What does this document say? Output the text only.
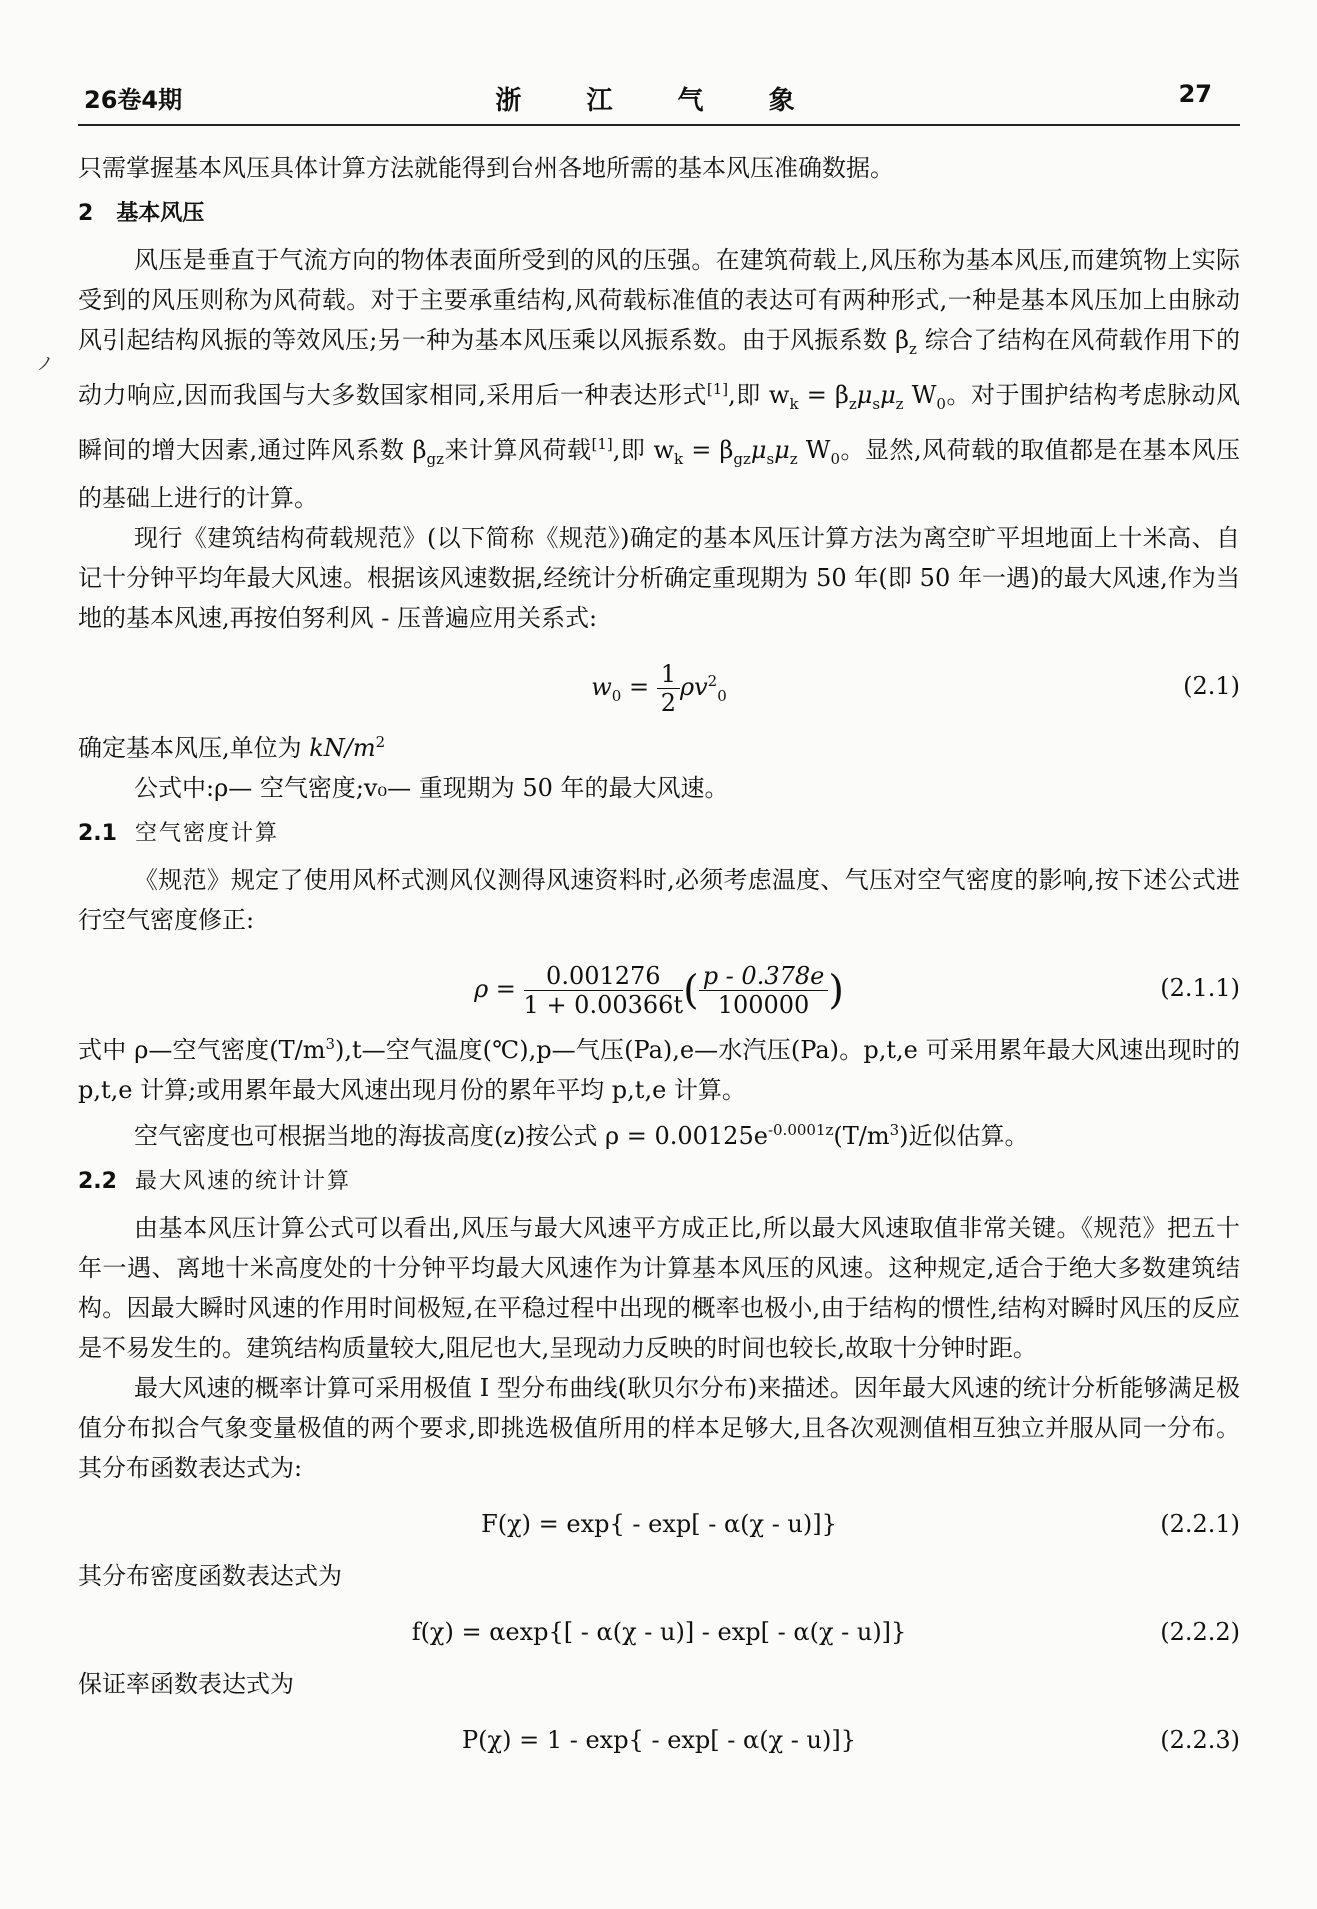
ノ
26卷4期	浙 江 气 象	27

只需掌握基本风压具体计算方法就能得到台州各地所需的基本风压准确数据。

2 基本风压

风压是垂直于气流方向的物体表面所受到的风的压强。在建筑荷载上,风压称为基本风压,而建筑物上实际受到的风压则称为风荷载。对于主要承重结构,风荷载标准值的表达可有两种形式,一种是基本风压加上由脉动风引起结构风振的等效风压;另一种为基本风压乘以风振系数。由于风振系数 $\beta_z$ 综合了结构在风荷载作用下的动力响应,因而我国与大多数国家相同,采用后一种表达形式[1],即 $w_k = \beta_z\mu_s\mu_z$ $W_0$。对于围护结构考虑脉动风瞬间的增大因素,通过阵风系数 $\beta_{gz}$来计算风荷载[1],即 $w_k = \beta_{gz}\mu_s\mu_z$ $W_0$。显然,风荷载的取值都是在基本风压的基础上进行的计算。

现行《建筑结构荷载规范》(以下简称《规范》)确定的基本风压计算方法为离空旷平坦地面上十米高、自记十分钟平均年最大风速。根据该风速数据,经统计分析确定重现期为 50 年(即 50 年一遇)的最大风速,作为当地的基本风速,再按伯努利风 - 压普遍应用关系式:

$w_0 = \frac{1}{2} \rho v^2_0$	(2.1)

确定基本风压,单位为 $kN/m^2$

公式中:ρ— 空气密度;v₀— 重现期为 50 年的最大风速。

2.1 空气密度计算

《规范》规定了使用风杯式测风仪测得风速资料时,必须考虑温度、气压对空气密度的影响,按下述公式进行空气密度修正:

$\rho = \frac{0.001276}{1 + 0.00366t}$ ( $\frac{p - 0.378e}{100000}$ )	(2.1.1)

式中 ρ—空气密度$(T/m^3),t—$空气温度(℃),p—气压(Pa),e—水汽压(Pa)。p,t,e 可采用累年最大风速出现时的 p,t,e 计算;或用累年最大风速出现月份的累年平均 p,t,e 计算。

空气密度也可根据当地的海拔高度(z)按公式 $\rho = 0.00125e^{-0.0001z}(T/m^3)$近似估算。

2.2 最大风速的统计计算

由基本风压计算公式可以看出,风压与最大风速平方成正比,所以最大风速取值非常关键。《规范》把五十年一遇、离地十米高度处的十分钟平均最大风速作为计算基本风压的风速。这种规定,适合于绝大多数建筑结构。因最大瞬时风速的作用时间极短,在平稳过程中出现的概率也极小,由于结构的惯性,结构对瞬时风压的反应是不易发生的。建筑结构质量较大,阻尼也大,呈现动力反映的时间也较长,故取十分钟时距。

最大风速的概率计算可采用极值 I 型分布曲线(耿贝尔分布)来描述。因年最大风速的统计分析能够满足极值分布拟合气象变量极值的两个要求,即挑选极值所用的样本足够大,且各次观测值相互独立并服从同一分布。其分布函数表达式为:

F(χ) = exp{ - exp[ - α(χ - u)]}	(2.2.1)

其分布密度函数表达式为

f(χ) = αexp{[ - α(χ - u)] - exp[ - α(χ - u)]}	(2.2.2)

保证率函数表达式为

P(χ) = 1 - exp{ - exp[ - α(χ - u)]}	(2.2.3)
